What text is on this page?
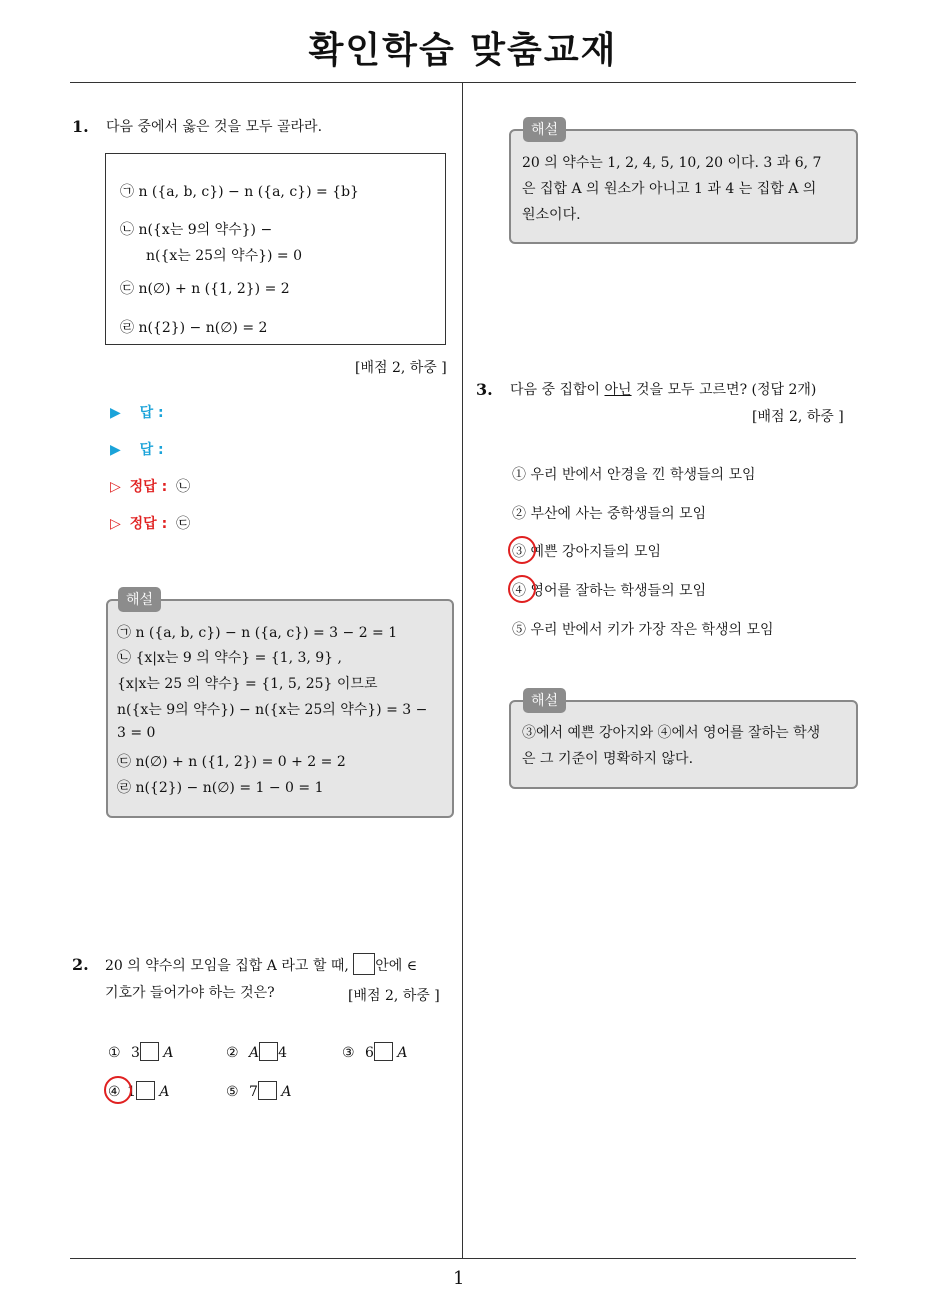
확인학습 맞춤교재
1
1. 다음 중에서 옳은 것을 모두 골라라.
㉠ n ({a, b, c}) − n ({a, c}) = {b}
㉡ n({x는 9의 약수}) −
n({x는 25의 약수}) = 0
㉢ n(∅) + n ({1, 2}) = 2
㉣ n({2}) − n(∅) = 2
[배점 2, 하중 ]
▶ 답 :
▶ 답 :
▷ 정답 : ㉡
▷ 정답 : ㉢
해설
㉠ n ({a, b, c}) − n ({a, c}) = 3 − 2 = 1
㉡ {x|x는 9 의 약수} = {1, 3, 9} ,
{x|x는 25 의 약수} = {1, 5, 25} 이므로
n({x는 9의 약수}) − n({x는 25의 약수}) = 3 −
3 = 0
㉢ n(∅) + n ({1, 2}) = 0 + 2 = 2
㉣ n({2}) − n(∅) = 1 − 0 = 1
2. 20 의 약수의 모임을 집합 A 라고 할 때, 안에 ∈
기호가 들어가야 하는 것은?	[배점 2, 하중 ]
① 3 A	② A 4	③ 6 A
④ 1 A	⑤ 7 A
해설
20 의 약수는 1, 2, 4, 5, 10, 20 이다. 3 과 6, 7
은 집합 A 의 원소가 아니고 1 과 4 는 집합 A 의
원소이다.
3. 다음 중 집합이 아닌 것을 모두 고르면? (정답 2개)
[배점 2, 하중 ]
① 우리 반에서 안경을 낀 학생들의 모임
② 부산에 사는 중학생들의 모임
③ 예쁜 강아지들의 모임
④ 영어를 잘하는 학생들의 모임
⑤ 우리 반에서 키가 가장 작은 학생의 모임
해설
③에서 예쁜 강아지와 ④에서 영어를 잘하는 학생
은 그 기준이 명확하지 않다.
